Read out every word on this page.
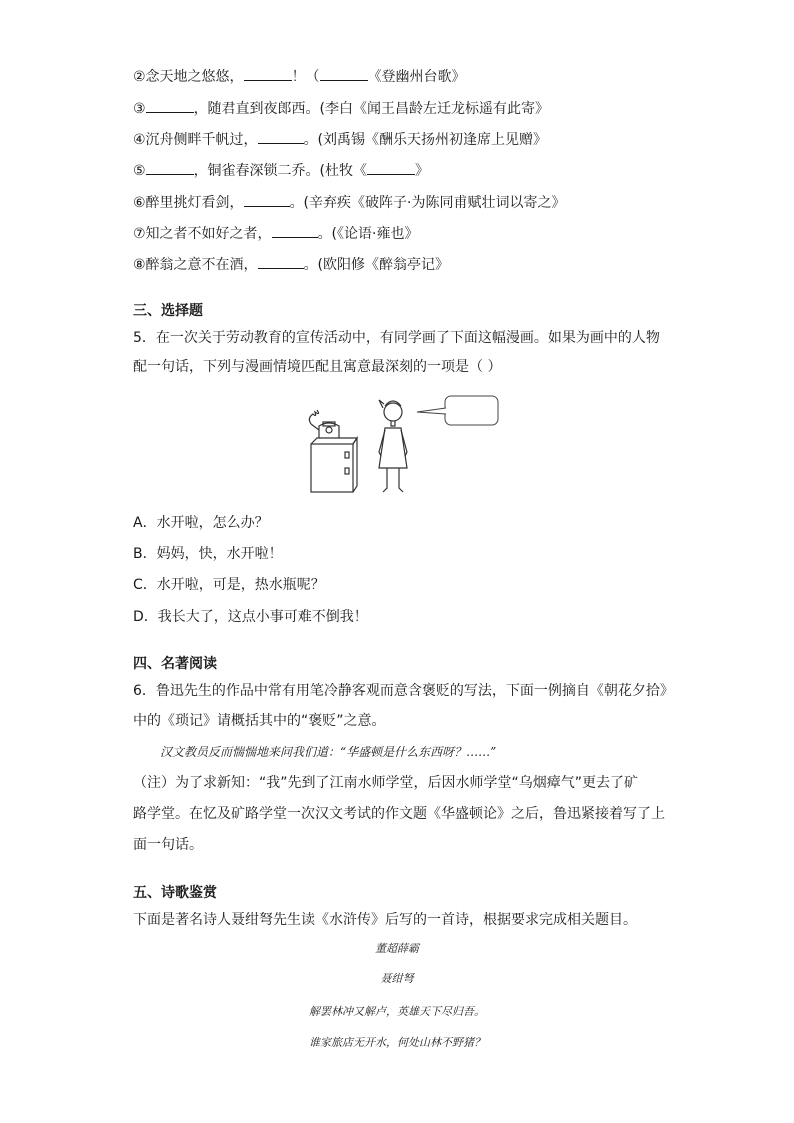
②念天地之悠悠，	！（	《登幽州台歌》
③	，随君直到夜郎西。(李白《闻王昌龄左迁龙标遥有此寄》
④沉舟侧畔千帆过，	。(刘禹锡《酬乐天扬州初逢席上见赠》
⑤	，铜雀春深锁二乔。(杜牧《	》
⑥醉里挑灯看剑，	。(辛弃疾《破阵子·为陈同甫赋壮词以寄之》
⑦知之者不如好之者，	。(《论语·雍也》
⑧醉翁之意不在酒，	。(欧阳修《醉翁亭记》
三、选择题
5．在一次关于劳动教育的宣传活动中，有同学画了下面这幅漫画。如果为画中的人物
配一句话，下列与漫画情境匹配且寓意最深刻的一项是（ ）
A．水开啦，怎么办？
B．妈妈，快，水开啦！
C．水开啦，可是，热水瓶呢？
D．我长大了，这点小事可难不倒我！
四、名著阅读
6．鲁迅先生的作品中常有用笔冷静客观而意含褒贬的写法，下面一例摘自《朝花夕拾》
中的《琐记》请概括其中的“褒贬”之意。
汉文教员反而惴惴地来问我们道：“华盛顿是什么东西呀？……”
（注）为了求新知：“我”先到了江南水师学堂，后因水师学堂“乌烟瘴气”更去了矿
路学堂。在忆及矿路学堂一次汉文考试的作文题《华盛顿论》之后，鲁迅紧接着写了上
面一句话。
五、诗歌鉴赏
下面是著名诗人聂绀弩先生读《水浒传》后写的一首诗，根据要求完成相关题目。
董超薛霸
聂绀弩
解罢林冲又解卢，英雄天下尽归吾。
谁家旅店无开水，何处山林不野猪？
